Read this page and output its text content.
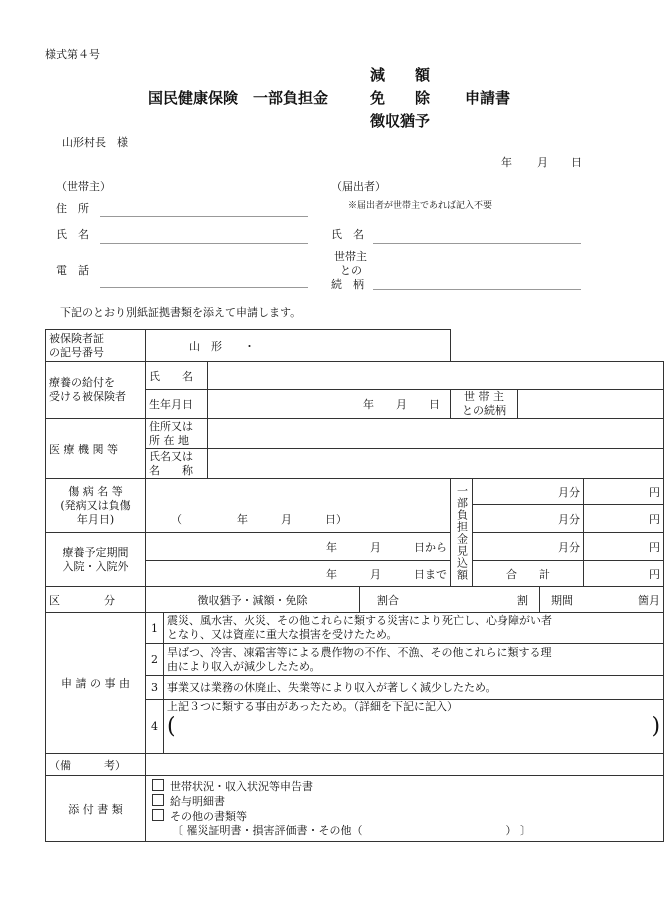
様式第４号
減　　額
国民健康保険　一部負担金	免　　除 申請書
徴収猶予
山形村長　様
年 月 日
（世帯主）
住　所
氏　名
電　話
（届出者）
※届出者が世帯主であれば記入不要
氏　名
世帯主
との
続　柄
下記のとおり別紙証拠書類を添えて申請します。
被保険者証
の記号番号	山　形　　・								

療養の給付を
受ける被保険者	氏　　名								
	生年月日		年　　月　　日		世 帯 主
との続柄				

医 療 機 関 等	住所又は
所 在 地								

	氏名又は
名　　称								

傷 病 名 等
(発病又は負傷
年月日)	（　　　　　年　　　月　　　日）				一部負担金見込額	月分			円
						月分			円

療養予定期間
入院・入院外	年　　　月　　　日から					月分			円
	年　　　月　　　日まで					合　　計			円
区　　　　分	徴収猶予・減額・免除			割合 割				期間 箇月	

申 請 の 事 由	1	震災、風水害、火災、その他これらに類する災害により死亡し、心身障がい者
となり、又は資産に重大な損害を受けたため。							

	2	旱ばつ、冷害、凍霜害等による農作物の不作、不漁、その他これらに類する理
由により収入が減少したため。							

	3	事業又は業務の休廃止、失業等により収入が著しく減少したため。							
	4	上記３つに類する事由があったため。（詳細を下記に記入）
( )							

（備　　　考）									
添 付 書 類	世帯状況・収入状況等申告書
給与明細書
その他の書類等
〔 罹災証明書・損害評価書・その他（　　　　　　　　　　　　　） 〕								
